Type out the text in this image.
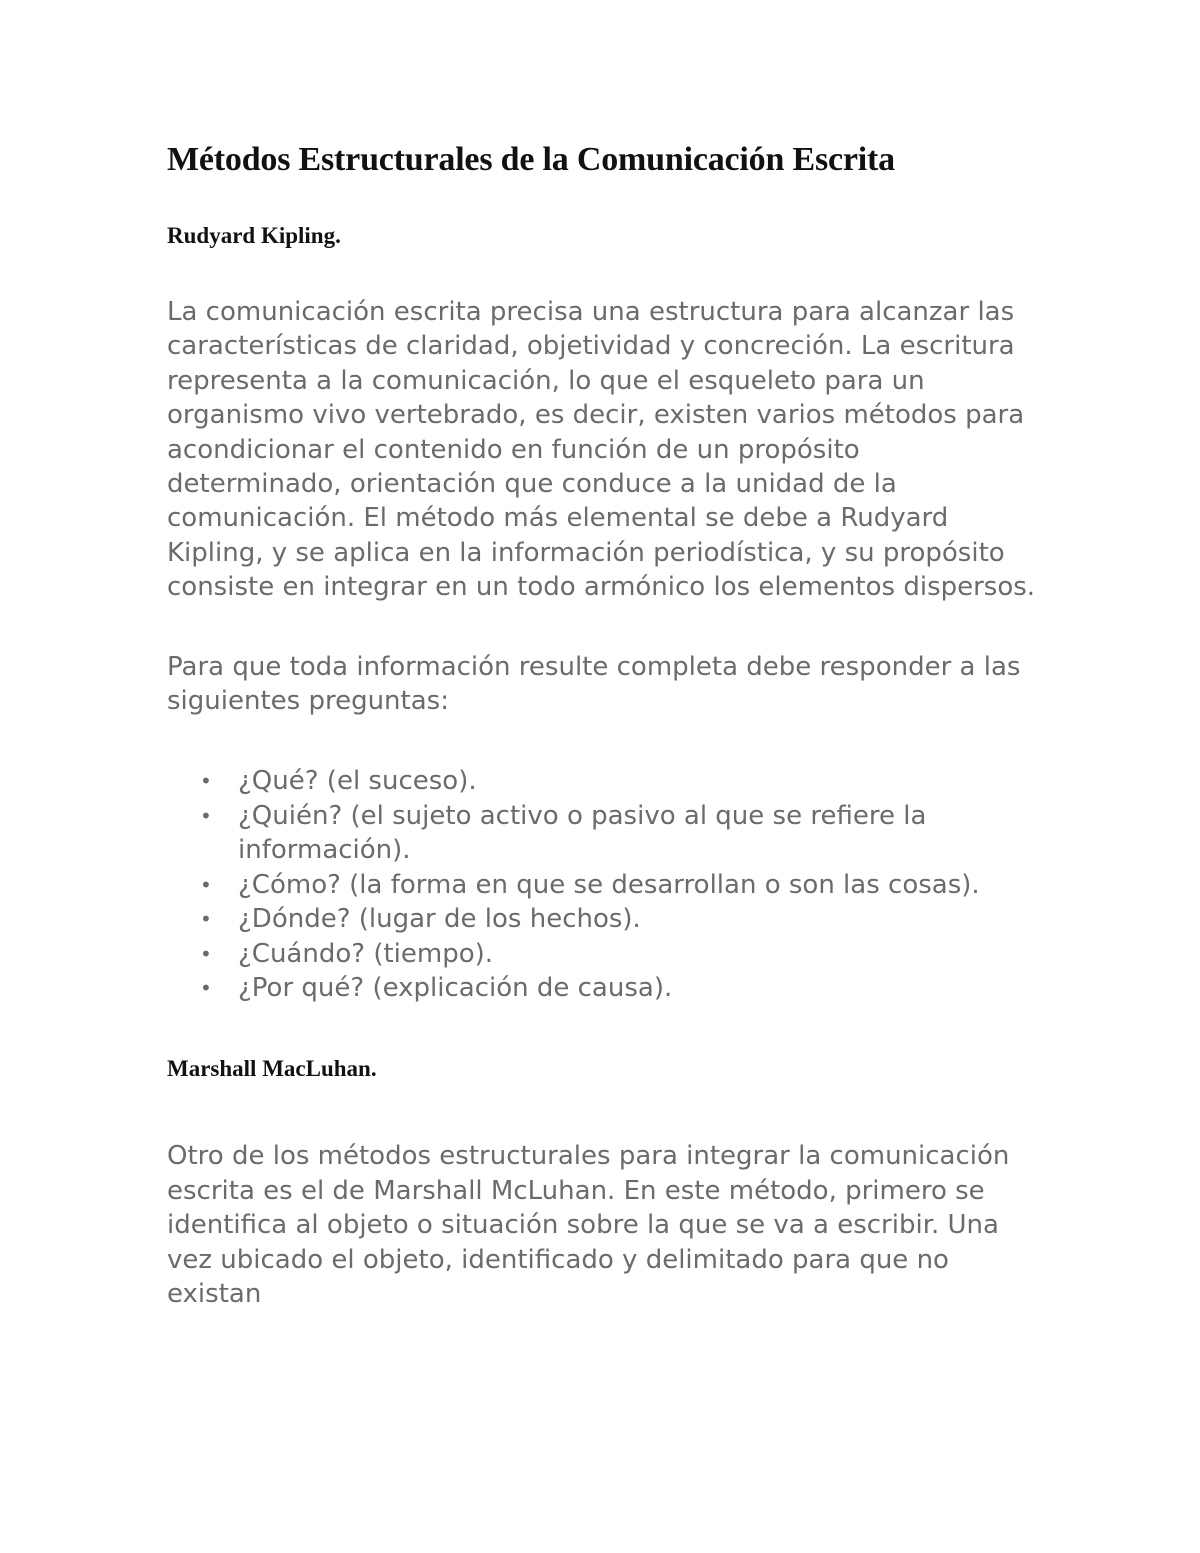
Métodos Estructurales de la Comunicación Escrita
Rudyard Kipling.

La comunicación escrita precisa una estructura para alcanzar las características de claridad, objetividad y concreción. La escritura representa a la comunicación, lo que el esqueleto para un organismo vivo vertebrado, es decir, existen varios métodos para acondicionar el contenido en función de un propósito determinado, orientación que conduce a la unidad de la comunicación. El método más elemental se debe a Rudyard Kipling, y se aplica en la información periodística, y su propósito consiste en integrar en un todo armónico los elementos dispersos.

Para que toda información resulte completa debe responder a las siguientes preguntas:

• ¿Qué? (el suceso).
• ¿Quién? (el sujeto activo o pasivo al que se refiere la información).
• ¿Cómo? (la forma en que se desarrollan o son las cosas).
• ¿Dónde? (lugar de los hechos).
• ¿Cuándo? (tiempo).
• ¿Por qué? (explicación de causa).
Marshall MacLuhan.

Otro de los métodos estructurales para integrar la comunicación escrita es el de Marshall McLuhan. En este método, primero se identifica al objeto o situación sobre la que se va a escribir. Una vez ubicado el objeto, identificado y delimitado para que no existan
